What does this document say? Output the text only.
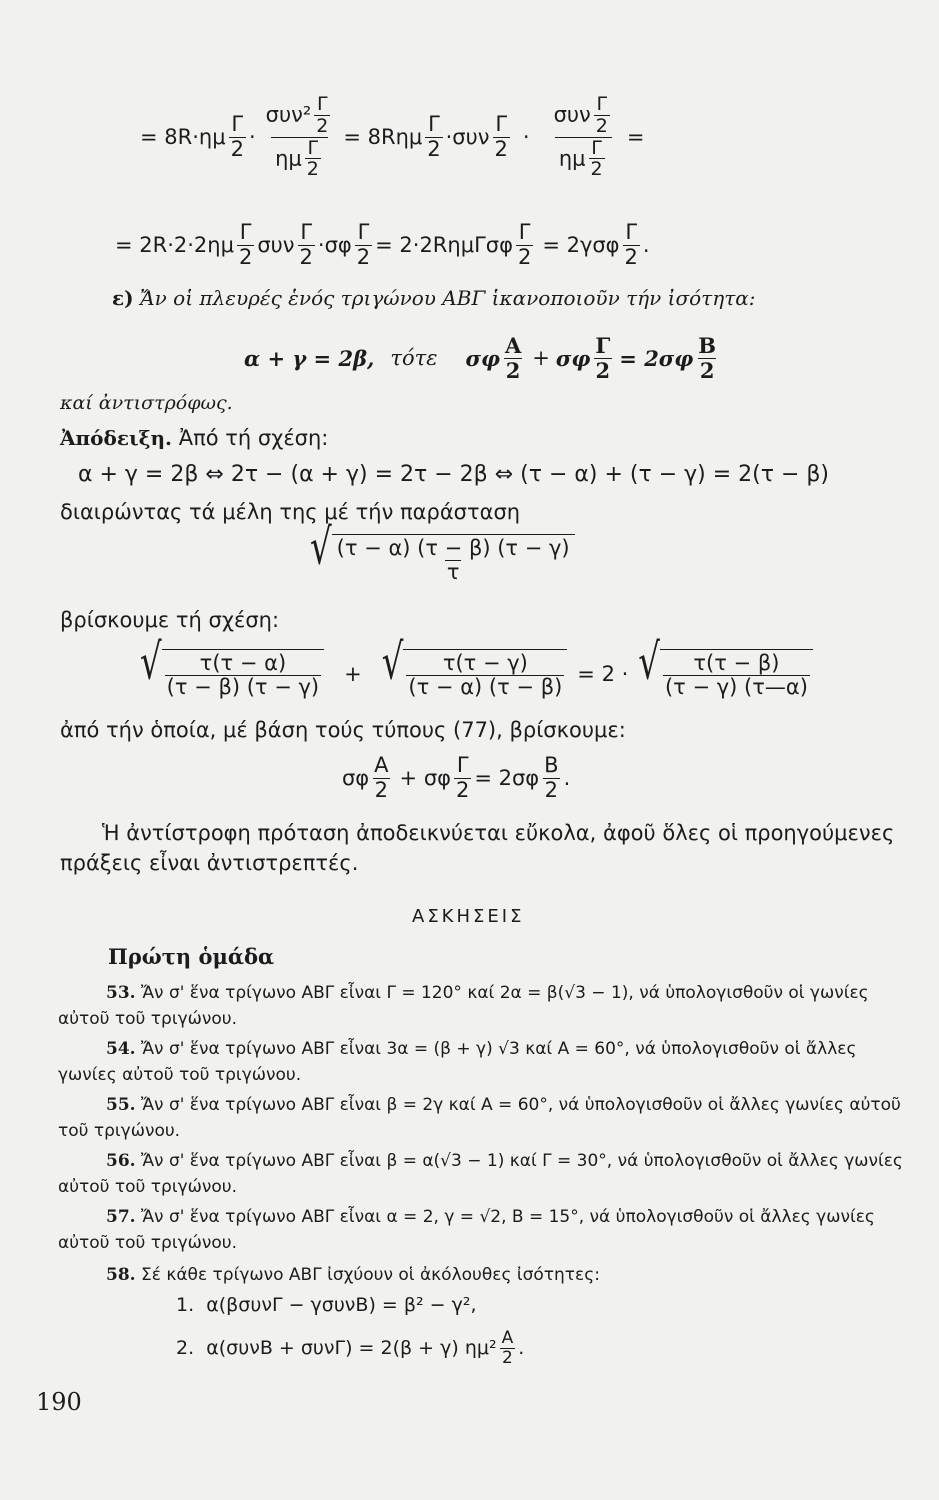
= $8R\cdot\eta\mu \frac{\Gamma}{2} \cdot \frac{\sigma\upsilon\nu^2 \frac{\Gamma}{2}}{\eta\mu \frac{\Gamma}{2}} = 8R\eta\mu \frac{\Gamma}{2} \cdot\sigma\upsilon\nu \frac{\Gamma}{2} \cdot \frac{\sigma\upsilon\nu \frac{\Gamma}{2}}{\eta\mu \frac{\Gamma}{2}}$ =
= $2R\cdot 2\cdot 2\eta\mu \frac{\Gamma}{2}$ συν $\frac{\Gamma}{2} \cdot\sigma\varphi \frac{\Gamma}{2} = 2\cdot 2R\eta\mu\Gamma\sigma\varphi \frac{\Gamma}{2} = 2\gamma\sigma\varphi \frac{\Gamma}{2}$ .
ε) Ἄν οἱ πλευρές ἑνός τριγώνου ΑΒΓ ἱκανοποιοῦν τήν ἰσότητα:
α + γ = 2β, τότε σφ $\frac{A}{2} + \sigma\varphi \frac{\Gamma}{2} = 2\sigma\varphi \frac{B}{2}$
καί ἀντιστρόφως.
Ἀπόδειξη. Ἀπό τή σχέση:
α + γ = 2β ⇔ 2τ − (α + γ) = 2τ − 2β ⇔ (τ − α) + (τ − γ) = 2(τ − β)
διαιρώντας τά μέλη της μέ τήν παράσταση
√ $\frac{(\tau - \alpha) (\tau - \beta) (\tau - \gamma)}{\tau}$
βρίσκουμε τή σχέση:
√ $\frac{\tau(\tau - \alpha)}{(\tau - \beta) (\tau - \gamma)}$ + √ $\frac{\tau(\tau - \gamma)}{(\tau - \alpha) (\tau - \beta)} = 2$ · √ $\frac{\tau(\tau - \beta)}{(\tau - \gamma) (\tau—\alpha)}$
ἀπό τήν ὁποία, μέ βάση τούς τύπους (77), βρίσκουμε:
σφ $\frac{A}{2} + \sigma\varphi \frac{\Gamma}{2} = 2\sigma\varphi \frac{B}{2}$ .
Ἡ ἀντίστροφη πρόταση ἀποδεικνύεται εὔκολα, ἀφοῦ ὅλες οἱ προηγούμενες πράξεις εἶναι ἀντιστρεπτές.
ΑΣΚΗΣΕΙΣ
Πρώτη ὁμάδα
53. Ἄν σ' ἕνα τρίγωνο ΑΒΓ εἶναι Γ = 120° καί 2α = β(√3 − 1), νά ὑπολογισθοῦν οἱ γωνίες αὐτοῦ τοῦ τριγώνου.
54. Ἄν σ' ἕνα τρίγωνο ΑΒΓ εἶναι 3α = (β + γ) √3 καί Α = 60°, νά ὑπολογισθοῦν οἱ ἄλλες γωνίες αὐτοῦ τοῦ τριγώνου.
55. Ἄν σ' ἕνα τρίγωνο ΑΒΓ εἶναι β = 2γ καί Α = 60°, νά ὑπολογισθοῦν οἱ ἄλλες γωνίες αὐτοῦ τοῦ τριγώνου.
56. Ἄν σ' ἕνα τρίγωνο ΑΒΓ εἶναι β = α(√3 − 1) καί Γ = 30°, νά ὑπολογισθοῦν οἱ ἄλλες γωνίες αὐτοῦ τοῦ τριγώνου.
57. Ἄν σ' ἕνα τρίγωνο ΑΒΓ εἶναι α = 2, γ = √2, Β = 15°, νά ὑπολογισθοῦν οἱ ἄλλες γωνίες αὐτοῦ τοῦ τριγώνου.
58. Σέ κάθε τρίγωνο ΑΒΓ ἰσχύουν οἱ ἀκόλουθες ἰσότητες:
1. α(βσυνΓ − γσυνΒ) = β² − γ²,
2.
α(συνΒ + συνΓ) = 2(β + γ) $\eta\mu^2 \frac{A}{2}$ .
190
